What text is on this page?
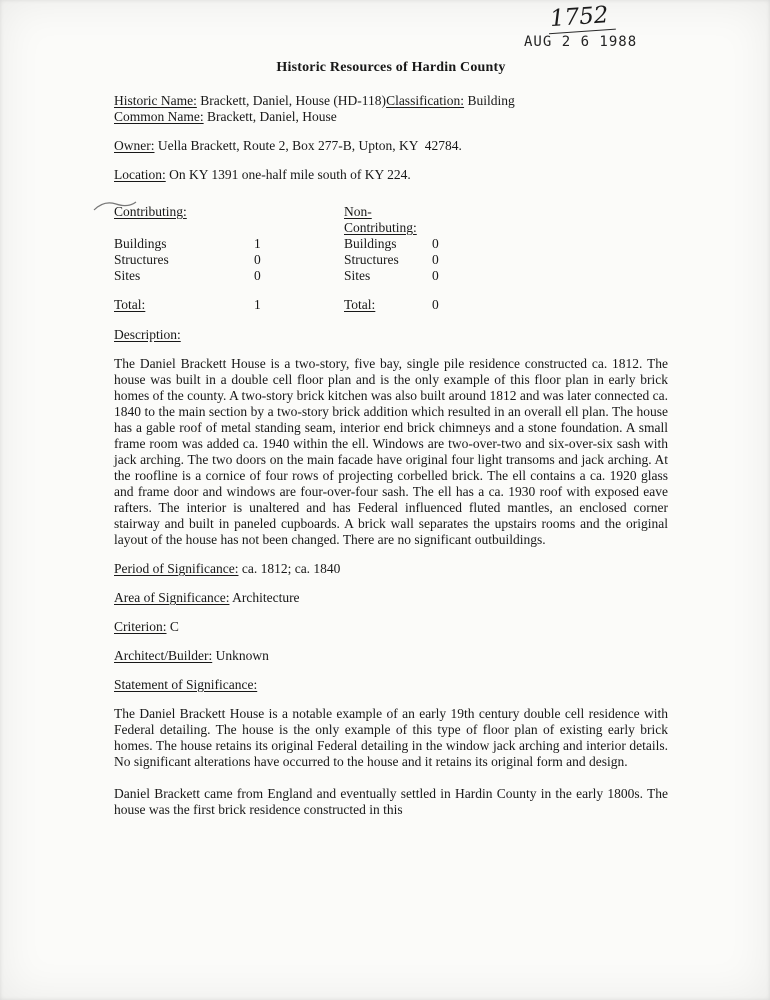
1752
AUG 2 6 1988

Historic Resources of Hardin County

Historic Name: Brackett, Daniel, House (HD-118)Classification: Building

Common Name: Brackett, Daniel, House

Owner: Uella Brackett, Route 2, Box 277-B, Upton, KY  42784.

Location: On KY 1391 one-half mile south of KY 224.

Contributing:	Non-Contributing:
Buildings	1	Buildings	0
Structures	0	Structures	0
Sites	0	Sites	0
Total:	1	Total:	0

Description:

The Daniel Brackett House is a two-story, five bay, single pile residence constructed ca. 1812. The house was built in a double cell floor plan and is the only example of this floor plan in early brick homes of the county. A two-story brick kitchen was also built around 1812 and was later connected ca. 1840 to the main section by a two-story brick addition which resulted in an overall ell plan. The house has a gable roof of metal standing seam, interior end brick chimneys and a stone foundation. A small frame room was added ca. 1940 within the ell. Windows are two-over-two and six-over-six sash with jack arching. The two doors on the main facade have original four light transoms and jack arching. At the roofline is a cornice of four rows of projecting corbelled brick. The ell contains a ca. 1920 glass and frame door and windows are four-over-four sash. The ell has a ca. 1930 roof with exposed eave rafters. The interior is unaltered and has Federal influenced fluted mantles, an enclosed corner stairway and built in paneled cupboards. A brick wall separates the upstairs rooms and the original layout of the house has not been changed. There are no significant outbuildings.

Period of Significance: ca. 1812; ca. 1840

Area of Significance: Architecture

Criterion: C

Architect/Builder: Unknown

Statement of Significance:

The Daniel Brackett House is a notable example of an early 19th century double cell residence with Federal detailing. The house is the only example of this type of floor plan of existing early brick homes. The house retains its original Federal detailing in the window jack arching and interior details. No significant alterations have occurred to the house and it retains its original form and design.

Daniel Brackett came from England and eventually settled in Hardin County in the early 1800s. The house was the first brick residence constructed in this
